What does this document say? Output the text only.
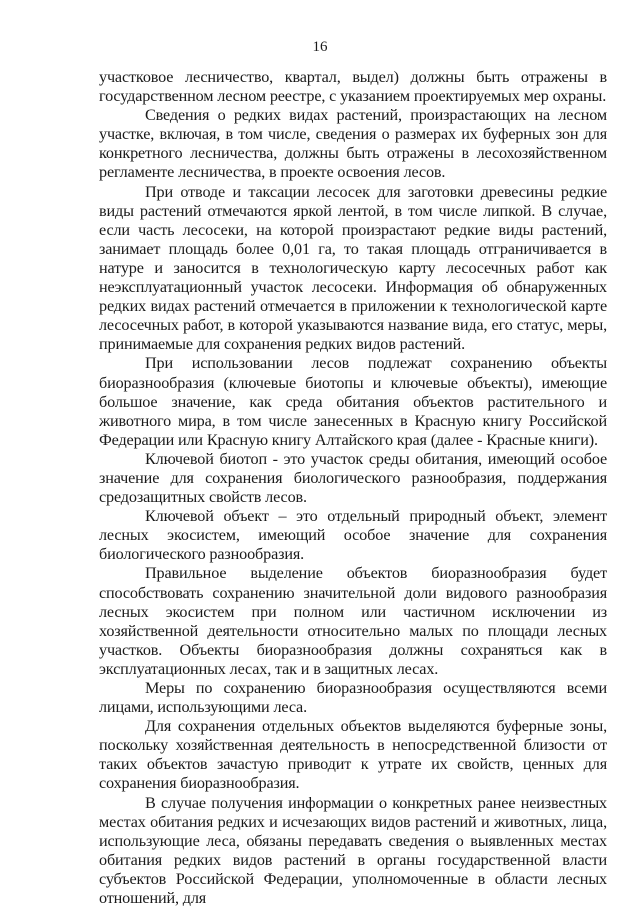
16

участковое лесничество, квартал, выдел) должны быть отражены в государственном лесном реестре, с указанием проектируемых мер охраны.

Сведения о редких видах растений, произрастающих на лесном участке, включая, в том числе, сведения о размерах их буферных зон для конкретного лесничества, должны быть отражены в лесохозяйственном регламенте лесничества, в проекте освоения лесов.

При отводе и таксации лесосек для заготовки древесины редкие виды растений отмечаются яркой лентой, в том числе липкой. В случае, если часть лесосеки, на которой произрастают редкие виды растений, занимает площадь более 0,01 га, то такая площадь отграничивается в натуре и заносится в технологическую карту лесосечных работ как неэксплуатационный участок лесосеки. Информация об обнаруженных редких видах растений отмечается в приложении к технологической карте лесосечных работ, в которой указываются название вида, его статус, меры, принимаемые для сохранения редких видов растений.

При использовании лесов подлежат сохранению объекты биоразнообразия (ключевые биотопы и ключевые объекты), имеющие большое значение, как среда обитания объектов растительного и животного мира, в том числе занесенных в Красную книгу Российской Федерации или Красную книгу Алтайского края (далее - Красные книги).

Ключевой биотоп - это участок среды обитания, имеющий особое значение для сохранения биологического разнообразия, поддержания средозащитных свойств лесов.

Ключевой объект – это отдельный природный объект, элемент лесных экосистем, имеющий особое значение для сохранения биологического разнообразия.

Правильное выделение объектов биоразнообразия будет способствовать сохранению значительной доли видового разнообразия лесных экосистем при полном или частичном исключении из хозяйственной деятельности относительно малых по площади лесных участков. Объекты биоразнообразия должны сохраняться как в эксплуатационных лесах, так и в защитных лесах.

Меры по сохранению биоразнообразия осуществляются всеми лицами, использующими леса.

Для сохранения отдельных объектов выделяются буферные зоны, поскольку хозяйственная деятельность в непосредственной близости от таких объектов зачастую приводит к утрате их свойств, ценных для сохранения биоразнообразия.

В случае получения информации о конкретных ранее неизвестных местах обитания редких и исчезающих видов растений и животных, лица, использующие леса, обязаны передавать сведения о выявленных местах обитания редких видов растений в органы государственной власти субъектов Российской Федерации, уполномоченные в области лесных отношений, для
